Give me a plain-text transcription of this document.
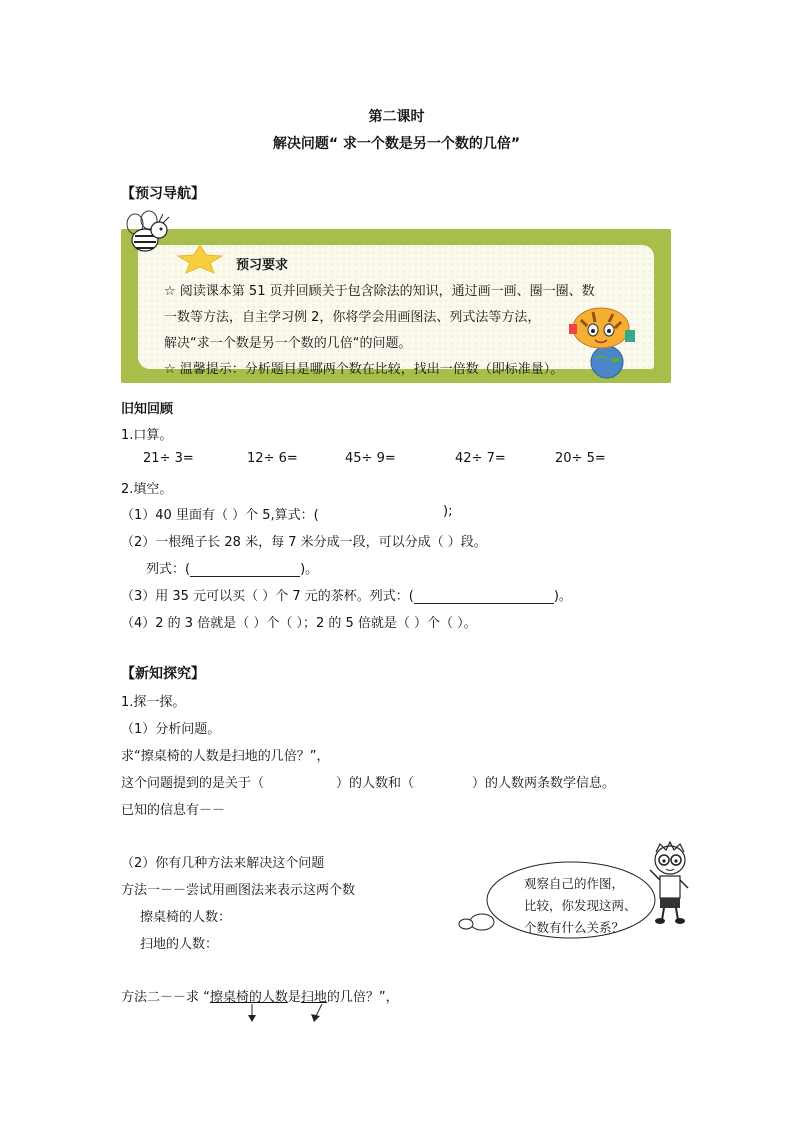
第二课时
解决问题“ 求一个数是另一个数的几倍”
【预习导航】
预习要求
☆ 阅读课本第 51 页并回顾关于包含除法的知识，通过画一画、圈一圈、数
一数等方法，自主学习例 2，你将学会用画图法、列式法等方法，
解决“求一个数是另一个数的几倍“的问题。
☆ 温馨提示：分析题目是哪两个数在比较，找出一倍数（即标准量）。
旧知回顾
1.口算。
21÷ 3=	12÷ 6=	45÷ 9=	42÷ 7=	20÷ 5=
2.填空。
（1）40 里面有（ ）个 5,算式：(	);
（2）一根绳子长 28 米，每 7 米分成一段，可以分成（ ）段。
列式：(	)。
（3）用 35 元可以买（ ）个 7 元的茶杯。列式：(	)。
（4）2 的 3 倍就是（ ）个（ ）；2 的 5 倍就是（ ）个（ ）。
【新知探究】
1.探一探。
（1）分析问题。
求“擦桌椅的人数是扫地的几倍？”，
这个问题提到的是关于（	）的人数和（	）的人数两条数学信息。
已知的信息有－－
（2）你有几种方法来解决这个问题
方法一－－尝试用画图法来表示这两个数
擦桌椅的人数：
扫地的人数：
方法二－－求 “擦桌椅的人数是扫地的几倍？”，
观察自己的作图，
比较，你发现这两、
个数有什么关系？
